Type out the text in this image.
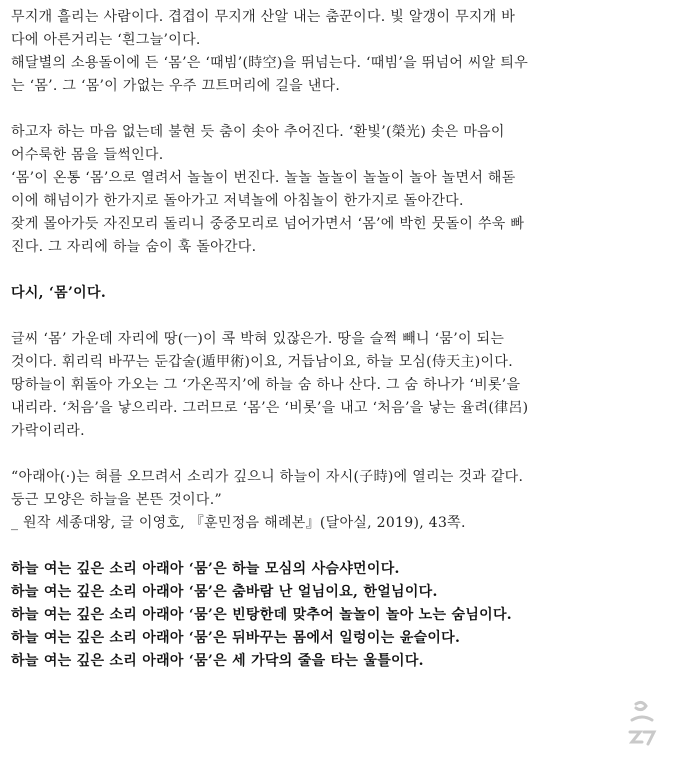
무지개 흘리는 사람이다. 겹겹이 무지개 산알 내는 춤꾼이다. 빛 알갱이 무지개 바
다에 아른거리는 ‘흰그늘’이다.
해달별의 소용돌이에 든 ‘몸’은 ‘때빔’(時空)을 뛰넘는다. ‘때빔’을 뛰넘어 씨알 틔우
는 ‘몸’. 그 ‘몸’이 가없는 우주 끄트머리에 길을 낸다.
하고자 하는 마음 없는데 불현 듯 춤이 솟아 추어진다. ‘환빛’(榮光) 솟은 마음이
어수룩한 몸을 들썩인다.
‘몸’이 온통 ‘몸’으로 열려서 놀놀이 번진다. 놀놀 놀놀이 놀놀이 놀아 놀면서 해돋
이에 해넘이가 한가지로 돌아가고 저녁놀에 아침놀이 한가지로 돌아간다.
잦게 몰아가듯 자진모리 돌리니 중중모리로 넘어가면서 ‘몸’에 박힌 뭇돌이 쑤욱 빠
진다. 그 자리에 하늘 숨이 훅 돌아간다.
다시, ‘몸’이다.
글씨 ‘몸’ 가운데 자리에 땅(ㅡ)이 콕 박혀 있잖은가. 땅을 슬쩍 빼니 ‘뭄’이 되는
것이다. 휘리릭 바꾸는 둔갑술(遁甲術)이요, 거듭남이요, 하늘 모심(侍天主)이다.
땅하늘이 휘돌아 가오는 그 ‘가온꼭지’에 하늘 숨 하나 산다. 그 숨 하나가 ‘비롯’을
내리라. ‘처음’을 낳으리라. 그러므로 ‘몸’은 ‘비롯’을 내고 ‘처음’을 낳는 율려(律呂)
가락이리라.
“아래아(·)는 혀를 오므려서 소리가 깊으니 하늘이 자시(子時)에 열리는 것과 같다.
둥근 모양은 하늘을 본뜬 것이다.”
_ 원작 세종대왕, 글 이영호, 『훈민정음 해례본』(달아실, 2019), 43쪽.
하늘 여는 깊은 소리 아래아 ‘뭄’은 하늘 모심의 사슴샤먼이다.
하늘 여는 깊은 소리 아래아 ‘뭄’은 춤바람 난 얼님이요, 한얼님이다.
하늘 여는 깊은 소리 아래아 ‘뭄’은 빈탕한데 맞추어 놀놀이 놀아 노는 숨님이다.
하늘 여는 깊은 소리 아래아 ‘뭄’은 뒤바꾸는 몸에서 일렁이는 윤슬이다.
하늘 여는 깊은 소리 아래아 ‘뭄’은 세 가닥의 줄을 타는 울틀이다.
